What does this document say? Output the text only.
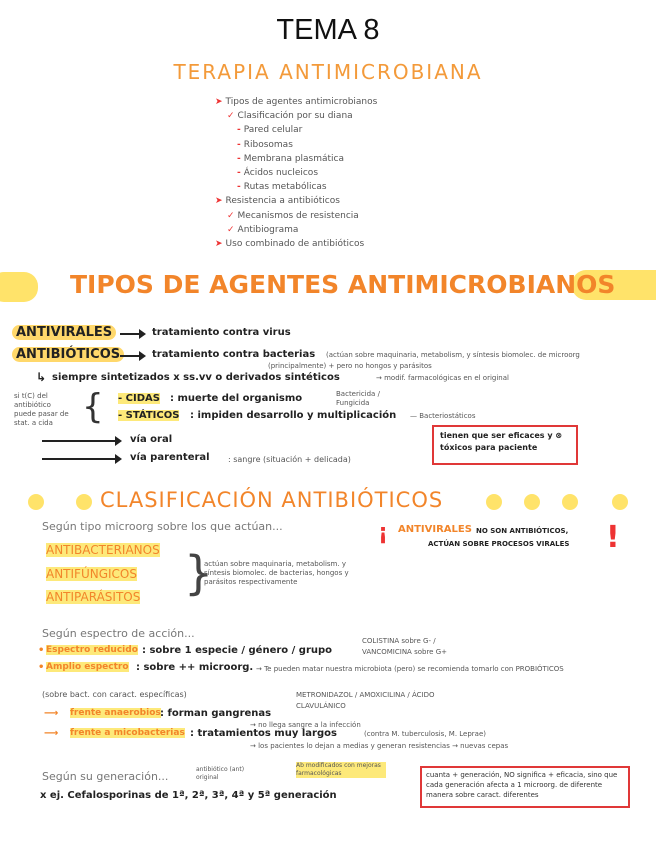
TEMA 8
TERAPIA ANTIMICROBIANA
➤ Tipos de agentes antimicrobianos
✓ Clasificación por su diana
- Pared celular
- Ribosomas
- Membrana plasmática
- Ácidos nucleicos
- Rutas metabólicas
➤ Resistencia a antibióticos
✓ Mecanismos de resistencia
✓ Antibiograma
➤ Uso combinado de antibióticos
TIPOS DE AGENTES ANTIMICROBIANOS
ANTIVIRALES	tratamiento contra virus
ANTIBIÓTICOS	tratamiento contra bacterias (actúan sobre maquinaria, metabolism, y síntesis biomolec. de microorg
(principalmente) + pero no hongos y parásitos
↳ siempre sintetizados x ss.vv o derivados sintéticos	→ modif. farmacológicas en el original
si t(C) del antibiótico puede pasar de stat. a cida { - CIDAS : muerte del organismo	Bactericida / Fungicida
- STÁTICOS : impiden desarrollo y multiplicación — Bacteriostáticos
vía oral
vía parenteral : sangre (situación + delicada)
tienen que ser eficaces y ⊗ tóxicos para paciente
CLASIFICACIÓN ANTIBIÓTICOS
Según tipo microorg sobre los que actúan...	¡ ANTIVIRALES NO SON ANTIBIÓTICOS,
ACTÚAN SOBRE PROCESOS VIRALES !
ANTIBACTERIANOS
ANTIFÚNGICOS
ANTIPARÁSITOS }
actúan sobre maquinaria, metabolism. y síntesis biomolec. de bacterias, hongos y parásitos respectivamente
Según espectro de acción...
• Espectro reducido : sobre 1 especie / género / grupo
COLISTINA sobre G- / VANCOMICINA sobre G+
• Amplio espectro : sobre ++ microorg. → Te pueden matar nuestra microbiota (pero) se recomienda tomarlo con PROBIÓTICOS
(sobre bact. con caract. específicas)
⟶ frente anaerobios : forman gangrenas
METRONIDAZOL / AMOXICILINA / ÁCIDO CLAVULÁNICO
→ no llega sangre a la infección
⟶ frente a micobacterias : tratamientos muy largos	(contra M. tuberculosis, M. Leprae)
→ los pacientes lo dejan a medias y generan resistencias → nuevas cepas
Según su generación...
antibiótico (ant) original
Ab modificados con mejoras farmacológicas
x ej. Cefalosporinas de 1ª, 2ª, 3ª, 4ª y 5ª generación
cuanta + generación, NO significa + eficacia, sino que cada generación afecta a 1 microorg. de diferente manera sobre caract. diferentes
